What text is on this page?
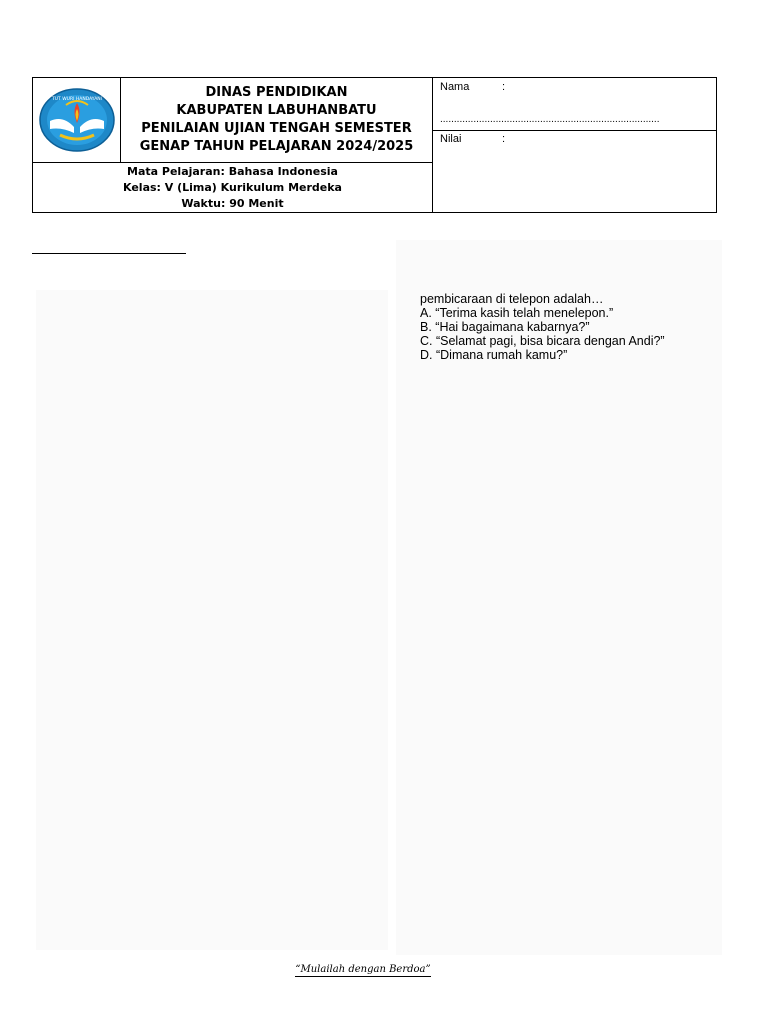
TUT WURI HANDAYANI	DINAS PENDIDIKAN
KABUPATEN LABUHANBATU
PENILAIAN UJIAN TENGAH SEMESTER
GENAP TAHUN PELAJARAN 2024/2025
Mata Pelajaran: Bahasa Indonesia
Kelas: V (Lima) Kurikulum Merdeka
Waktu: 90 Menit
Nama	:
...............................................................................
Nilai	:
pembicaraan di telepon adalah…
A. “Terima kasih telah menelepon.”
B. “Hai bagaimana kabarnya?”
C. “Selamat pagi, bisa bicara dengan Andi?”
D. “Dimana rumah kamu?”
“Mulailah dengan Berdoa”
